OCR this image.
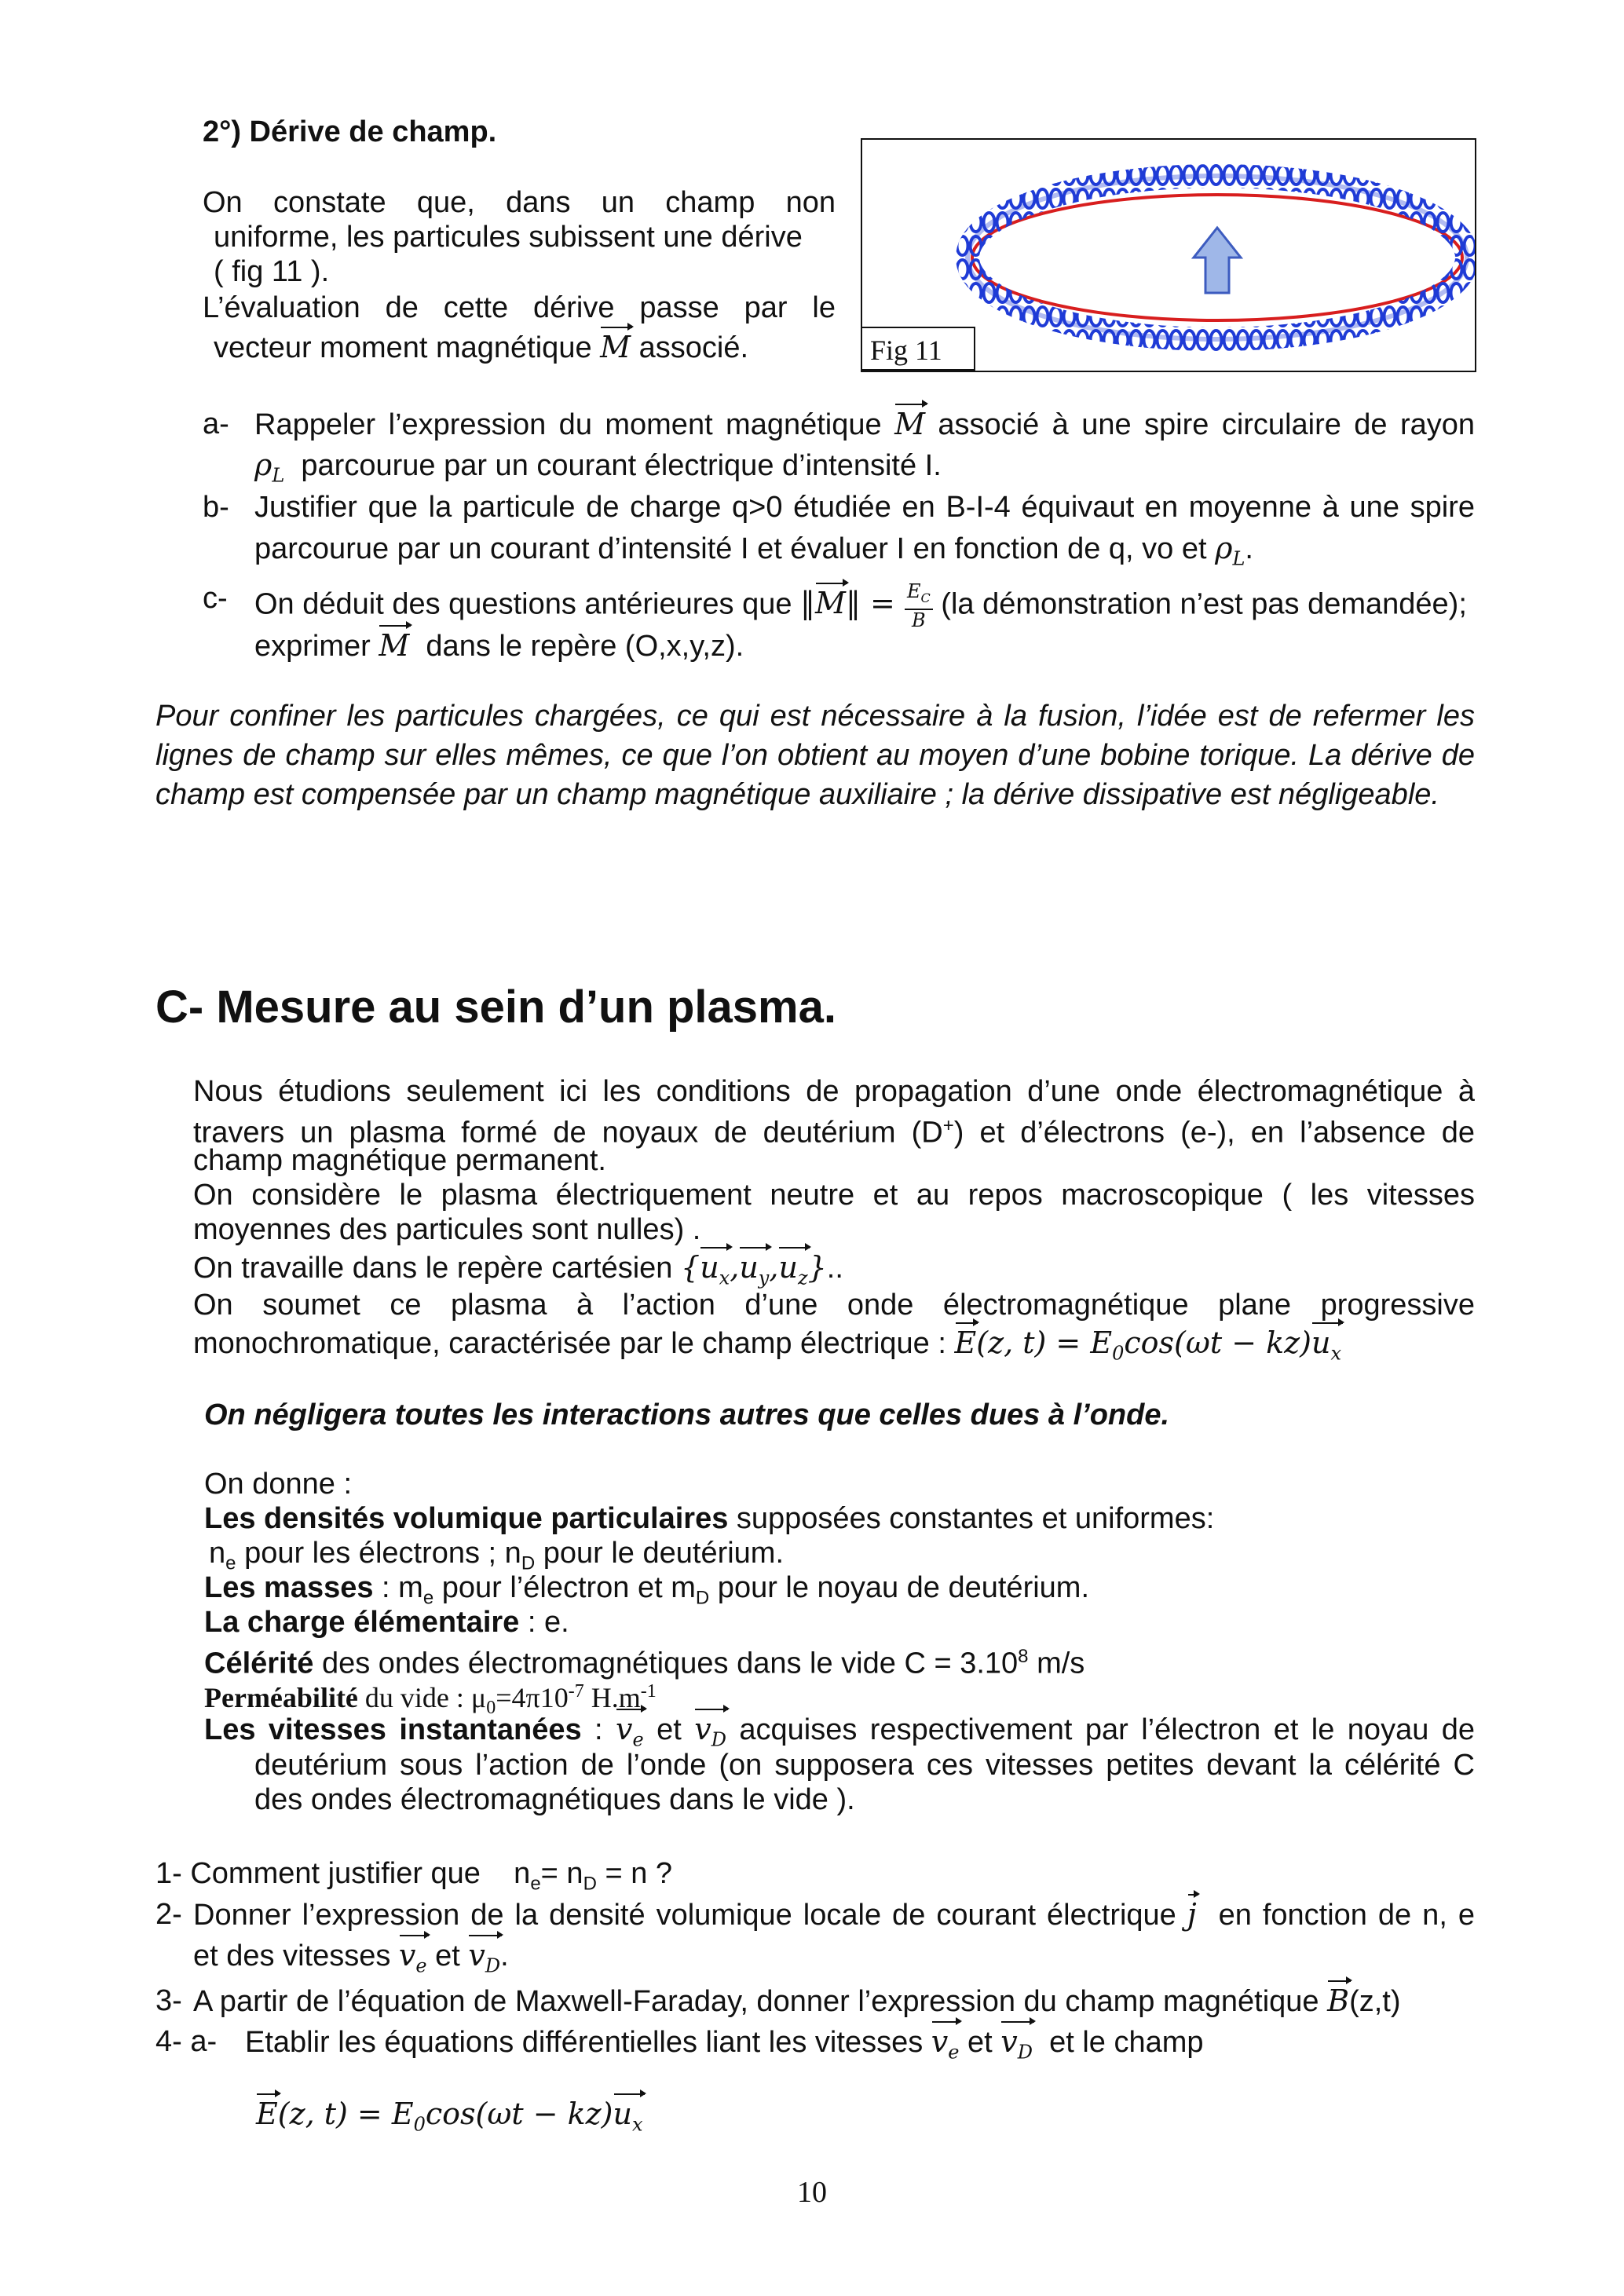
2°) Dérive de champ.
On constate que, dans un champ non
uniforme, les particules subissent une dérive
( fig 11 ).
L’évaluation de cette dérive passe par le
vecteur moment magnétique M associé.	Fig 11
a- Rappeler l’expression du moment magnétique M associé à une spire circulaire de rayon
$\rho_L$ parcourue par un courant électrique d’intensité I.
b- Justifier que la particule de charge q>0 étudiée en B-I-4 équivaut en moyenne à une spire
parcourue par un courant d’intensité I et évaluer I en fonction de q, vo et $\rho_L$.
c- On déduit des questions antérieures que ‖M‖ = $\frac{E_C}{B} (la$ démonstration n’est pas demandée);
exprimer M dans le repère (O,x,y,z).
Pour confiner les particules chargées, ce qui est nécessaire à la fusion, l’idée est de refermer les
lignes de champ sur elles mêmes, ce que l’on obtient au moyen d’une bobine torique. La dérive de
champ est compensée par un champ magnétique auxiliaire ; la dérive dissipative est négligeable.
C- Mesure au sein d’un plasma.
Nous étudions seulement ici les conditions de propagation d’une onde électromagnétique à
travers un plasma formé de noyaux de deutérium (D+) et d’électrons (e-), en l’absence de
champ magnétique permanent.
On considère le plasma électriquement neutre et au repos macroscopique ( les vitesses
moyennes des particules sont nulles) .
On travaille dans le repère cartésien $\{u_x,u_y,u_z\}$..
On soumet ce plasma à l’action d’une onde électromagnétique plane progressive
monochromatique, caractérisée par le champ électrique : E(z, $t) = E_0\cos(\omega t - kz)u_x$
On négligera toutes les interactions autres que celles dues à l’onde.
On donne :
Les densités volumique particulaires supposées constantes et uniformes:
$n_e$ pour les électrons ; $n_D$ pour le deutérium.
Les masses : $m_e$ pour l’électron et $m_D$ pour le noyau de deutérium.
La charge élémentaire : e.
Célérité des ondes électromagnétiques dans le vide $C = 3.10^8$ m/s
Perméabilité du vide : $\mu_0=4\pi 10^{-7}$ $H.m^{-1}$
Les vitesses instantanées : $v_e$ et $v_D$ acquises respectivement par l’électron et le noyau de
deutérium sous l’action de l’onde (on supposera ces vitesses petites devant la célérité C
des ondes électromagnétiques dans le vide ).
1- Comment justifier que    $n_e= n_D = n$ ?
2- Donner l’expression de la densité volumique locale de courant électrique j en fonction de n, e
et des vitesses $v_e$ et $v_D$.
3- A partir de l’équation de Maxwell-Faraday, donner l’expression du champ magnétique B(z,t)
4- a- Etablir les équations différentielles liant les vitesses $v_e$ et $v_D$ et le champ
E(z, $t) = E_0\cos(\omega t - kz)u_x$
10
